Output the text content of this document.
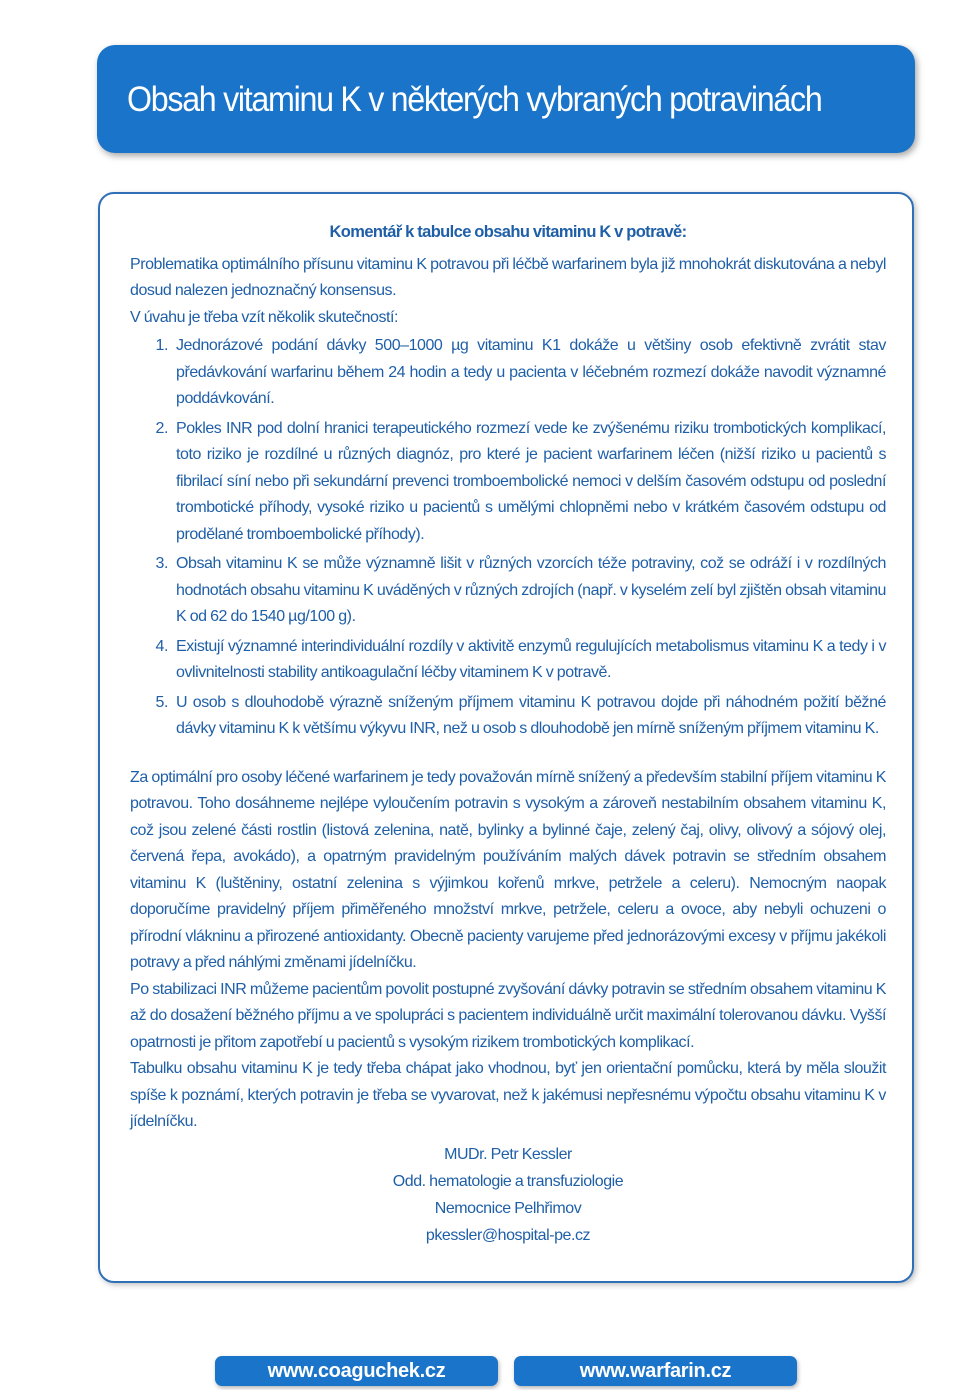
Obsah vitaminu K v některých vybraných potravinách
Komentář k tabulce obsahu vitaminu K v potravě:

Problematika optimálního přísunu vitaminu K potravou při léčbě warfarinem byla již mnohokrát diskutována a nebyl dosud nalezen jednoznačný konsensus.

V úvahu je třeba vzít několik skutečností:

1. Jednorázové podání dávky 500–1000 µg vitaminu K1 dokáže u většiny osob efektivně zvrátit stav předávkování warfarinu během 24 hodin a tedy u pacienta v léčebném rozmezí dokáže navodit významné poddávkování.
2. Pokles INR pod dolní hranici terapeutického rozmezí vede ke zvýšenému riziku trombotických komplikací, toto riziko je rozdílné u různých diagnóz, pro které je pacient warfarinem léčen (nižší riziko u pacientů s fibrilací síní nebo při sekundární prevenci tromboembolické nemoci v delším časovém odstupu od poslední trombotické příhody, vysoké riziko u pacientů s umělými chlopněmi nebo v krátkém časovém odstupu od prodělané tromboembolické příhody).
3. Obsah vitaminu K se může významně lišit v různých vzorcích téže potraviny, což se odráží i v rozdílných hodnotách obsahu vitaminu K uváděných v různých zdrojích (např. v kyselém zelí byl zjištěn obsah vitaminu K od 62 do 1540 µg/100 g).
4. Existují významné interindividuální rozdíly v aktivitě enzymů regulujících metabolismus vitaminu K a tedy i v ovlivnitelnosti stability antikoagulační léčby vitaminem K v potravě.
5. U osob s dlouhodobě výrazně sníženým příjmem vitaminu K potravou dojde při náhodném požití běžné dávky vitaminu K k většímu výkyvu INR, než u osob s dlouhodobě jen mírně sníženým příjmem vitaminu K.

Za optimální pro osoby léčené warfarinem je tedy považován mírně snížený a především stabilní příjem vitaminu K potravou. Toho dosáhneme nejlépe vyloučením potravin s vysokým a zároveň nestabilním obsahem vitaminu K, což jsou zelené části rostlin (listová zelenina, natě, bylinky a bylinné čaje, zelený čaj, olivy, olivový a sójový olej, červená řepa, avokádo), a opatrným pravidelným používáním malých dávek potravin se středním obsahem vitaminu K (luštěniny, ostatní zelenina s výjimkou kořenů mrkve, petržele a celeru). Nemocným naopak doporučíme pravidelný příjem přiměřeného množství mrkve, petržele, celeru a ovoce, aby nebyli ochuzeni o přírodní vlákninu a přirozené antioxidanty. Obecně pacienty varujeme před jednorázovými excesy v příjmu jakékoli potravy a před náhlými změnami jídelníčku.

Po stabilizaci INR můžeme pacientům povolit postupné zvyšování dávky potravin se středním obsahem vitaminu K až do dosažení běžného příjmu a ve spolupráci s pacientem individuálně určit maximální tolerovanou dávku. Vyšší opatrnosti je přitom zapotřebí u pacientů s vysokým rizikem trombotických komplikací.

Tabulku obsahu vitaminu K je tedy třeba chápat jako vhodnou, byť jen orientační pomůcku, která by měla sloužit spíše k poznámí, kterých potravin je třeba se vyvarovat, než k jakémusi nepřesnému výpočtu obsahu vitaminu K v jídelníčku.

MUDr. Petr Kessler
Odd. hematologie a transfuziologie
Nemocnice Pelhřimov
pkessler@hospital-pe.cz
www.coaguchek.cz	www.warfarin.cz
